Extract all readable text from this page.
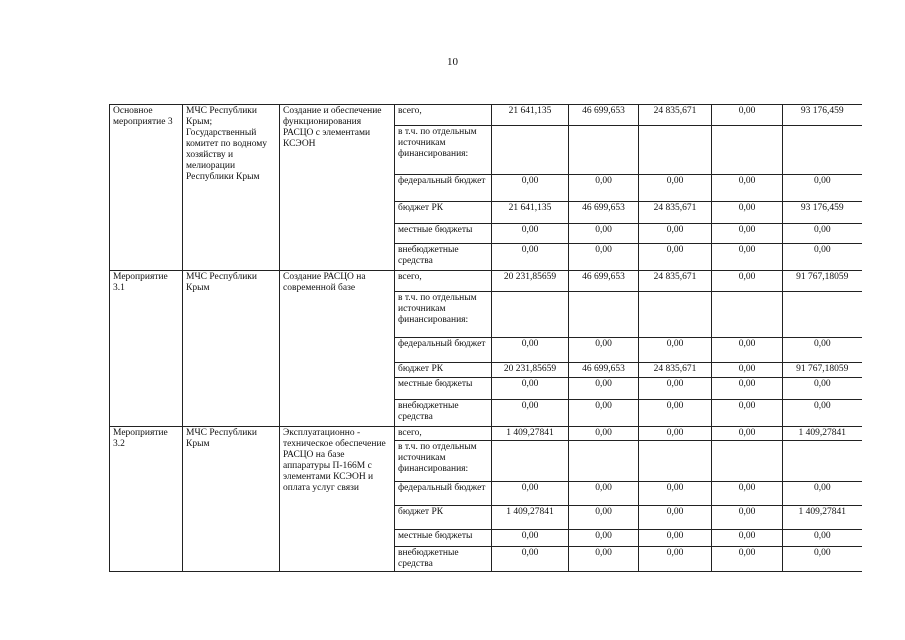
10
Основное мероприятие 3	МЧС Республики Крым; Государственный комитет по водному хозяйству и мелиорации Республики Крым	Создание и обеспечение функционирования РАСЦО с элементами КСЭОН	всего,	21 641,135	46 699,653	24 835,671	0,00	93 176,459
			в т.ч. по отдельным источникам финансирования:					
			федеральный бюджет	0,00	0,00	0,00	0,00	0,00
			бюджет РК	21 641,135	46 699,653	24 835,671	0,00	93 176,459
			местные бюджеты	0,00	0,00	0,00	0,00	0,00
			внебюджетные средства	0,00	0,00	0,00	0,00	0,00
Мероприятие 3.1	МЧС Республики Крым	Создание РАСЦО на современной базе	всего,	20 231,85659	46 699,653	24 835,671	0,00	91 767,18059
			в т.ч. по отдельным источникам финансирования:					
			федеральный бюджет	0,00	0,00	0,00	0,00	0,00
			бюджет РК	20 231,85659	46 699,653	24 835,671	0,00	91 767,18059
			местные бюджеты	0,00	0,00	0,00	0,00	0,00
			внебюджетные средства	0,00	0,00	0,00	0,00	0,00
Мероприятие 3.2	МЧС Республики Крым	Эксплуатационно - техническое обеспечение РАСЦО на базе аппаратуры П-166М с элементами КСЭОН и оплата услуг связи	всего,	1 409,27841	0,00	0,00	0,00	1 409,27841
			в т.ч. по отдельным источникам финансирования:					
			федеральный бюджет	0,00	0,00	0,00	0,00	0,00
			бюджет РК	1 409,27841	0,00	0,00	0,00	1 409,27841
			местные бюджеты	0,00	0,00	0,00	0,00	0,00
			внебюджетные средства	0,00	0,00	0,00	0,00	0,00
